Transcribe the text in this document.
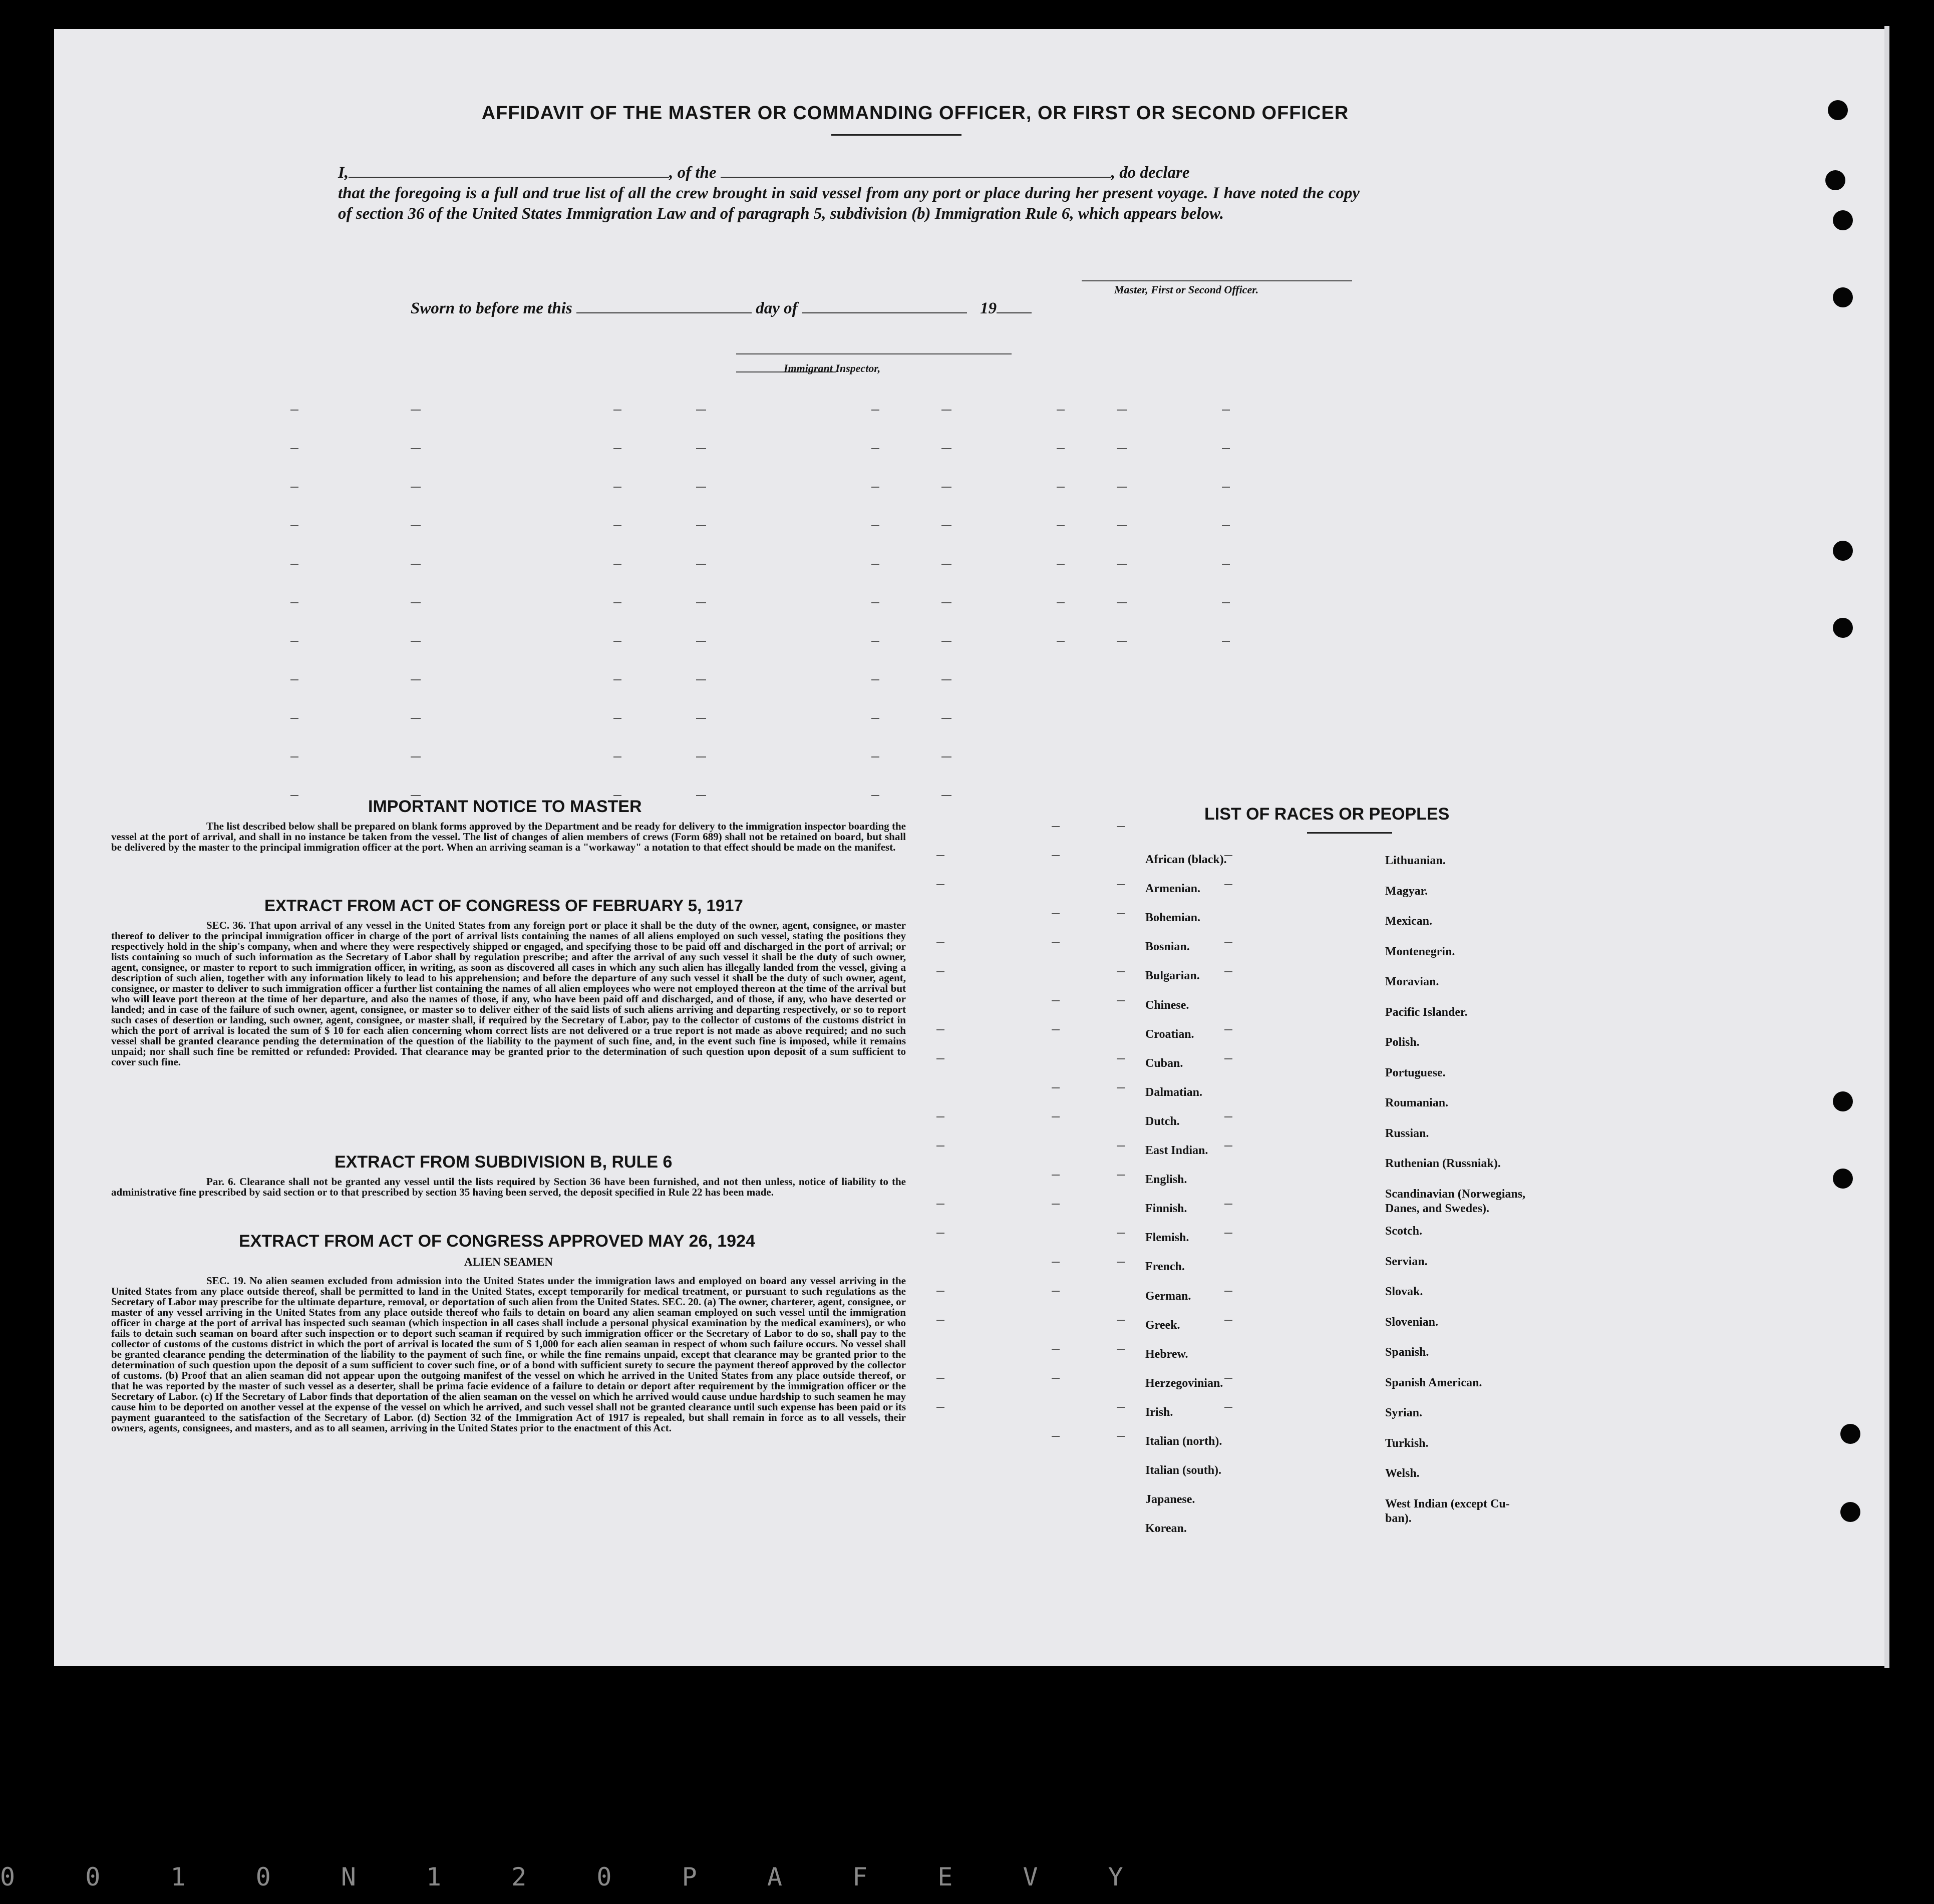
AFFIDAVIT OF THE MASTER OR COMMANDING OFFICER, OR FIRST OR SECOND OFFICER
I,	, of the	, do declare
that the foregoing is a full and true list of all the crew brought in said vessel from any port or place during her present voyage. I have noted the copy of section 36 of the United States Immigration Law and of paragraph 5, subdivision (b) Immigration Rule 6, which appears below.
Master, First or Second Officer.
Sworn to before me this	day of	19
Immigrant Inspector,
IMPORTANT NOTICE TO MASTER
The list described below shall be prepared on blank forms approved by the Department and be ready for delivery to the immigration inspector boarding the vessel at the port of arrival, and shall in no instance be taken from the vessel. The list of changes of alien members of crews (Form 689) shall not be retained on board, but shall be delivered by the master to the principal immigration officer at the port. When an arriving seaman is a "workaway" a notation to that effect should be made on the manifest.
EXTRACT FROM ACT OF CONGRESS OF FEBRUARY 5, 1917
SEC. 36. That upon arrival of any vessel in the United States from any foreign port or place it shall be the duty of the owner, agent, consignee, or master thereof to deliver to the principal immigration officer in charge of the port of arrival lists containing the names of all aliens employed on such vessel, stating the positions they respectively hold in the ship's company, when and where they were respectively shipped or engaged, and specifying those to be paid off and discharged in the port of arrival; or lists containing so much of such information as the Secretary of Labor shall by regulation prescribe; and after the arrival of any such vessel it shall be the duty of such owner, agent, consignee, or master to report to such immigration officer, in writing, as soon as discovered all cases in which any such alien has illegally landed from the vessel, giving a description of such alien, together with any information likely to lead to his apprehension; and before the departure of any such vessel it shall be the duty of such owner, agent, consignee, or master to deliver to such immigration officer a further list containing the names of all alien employees who were not employed thereon at the time of the arrival but who will leave port thereon at the time of her departure, and also the names of those, if any, who have been paid off and discharged, and of those, if any, who have deserted or landed; and in case of the failure of such owner, agent, consignee, or master so to deliver either of the said lists of such aliens arriving and departing respectively, or so to report such cases of desertion or landing, such owner, agent, consignee, or master shall, if required by the Secretary of Labor, pay to the collector of customs of the customs district in which the port of arrival is located the sum of $ 10 for each alien concerning whom correct lists are not delivered or a true report is not made as above required; and no such vessel shall be granted clearance pending the determination of the question of the liability to the payment of such fine, and, in the event such fine is imposed, while it remains unpaid; nor shall such fine be remitted or refunded: Provided. That clearance may be granted prior to the determination of such question upon deposit of a sum sufficient to cover such fine.
EXTRACT FROM SUBDIVISION B, RULE 6
Par. 6. Clearance shall not be granted any vessel until the lists required by Section 36 have been furnished, and not then unless, notice of liability to the administrative fine prescribed by said section or to that prescribed by section 35 having been served, the deposit specified in Rule 22 has been made.
EXTRACT FROM ACT OF CONGRESS APPROVED MAY 26, 1924
ALIEN SEAMEN
SEC. 19. No alien seamen excluded from admission into the United States under the immigration laws and employed on board any vessel arriving in the United States from any place outside thereof, shall be permitted to land in the United States, except temporarily for medical treatment, or pursuant to such regulations as the Secretary of Labor may prescribe for the ultimate departure, removal, or deportation of such alien from the United States. SEC. 20. (a) The owner, charterer, agent, consignee, or master of any vessel arriving in the United States from any place outside thereof who fails to detain on board any alien seaman employed on such vessel until the immigration officer in charge at the port of arrival has inspected such seaman (which inspection in all cases shall include a personal physical examination by the medical examiners), or who fails to detain such seaman on board after such inspection or to deport such seaman if required by such immigration officer or the Secretary of Labor to do so, shall pay to the collector of customs of the customs district in which the port of arrival is located the sum of $ 1,000 for each alien seaman in respect of whom such failure occurs. No vessel shall be granted clearance pending the determination of the liability to the payment of such fine, or while the fine remains unpaid, except that clearance may be granted prior to the determination of such question upon the deposit of a sum sufficient to cover such fine, or of a bond with sufficient surety to secure the payment thereof approved by the collector of customs. (b) Proof that an alien seaman did not appear upon the outgoing manifest of the vessel on which he arrived in the United States from any place outside thereof, or that he was reported by the master of such vessel as a deserter, shall be prima facie evidence of a failure to detain or deport after requirement by the immigration officer or the Secretary of Labor. (c) If the Secretary of Labor finds that deportation of the alien seaman on the vessel on which he arrived would cause undue hardship to such seamen he may cause him to be deported on another vessel at the expense of the vessel on which he arrived, and such vessel shall not be granted clearance until such expense has been paid or its payment guaranteed to the satisfaction of the Secretary of Labor. (d) Section 32 of the Immigration Act of 1917 is repealed, but shall remain in force as to all vessels, their owners, agents, consignees, and masters, and as to all seamen, arriving in the United States prior to the enactment of this Act.
LIST OF RACES OR PEOPLES
African (black).
Armenian.
Bohemian.
Bosnian.
Bulgarian.
Chinese.
Croatian.
Cuban.
Dalmatian.
Dutch.
East Indian.
English.
Finnish.
Flemish.
French.
German.
Greek.
Hebrew.
Herzegovinian.
Irish.
Italian (north).
Italian (south).
Japanese.
Korean.
Lithuanian.
Magyar.
Mexican.
Montenegrin.
Moravian.
Pacific Islander.
Polish.
Portuguese.
Roumanian.
Russian.
Ruthenian (Russniak).
Scandinavian (Norwegians,
Danes, and Swedes).
Scotch.
Servian.
Slovak.
Slovenian.
Spanish.
Spanish American.
Syrian.
Turkish.
Welsh.
West Indian (except Cu-
ban).
0 0 1 0 N 1 2 0 P A F E V Y
